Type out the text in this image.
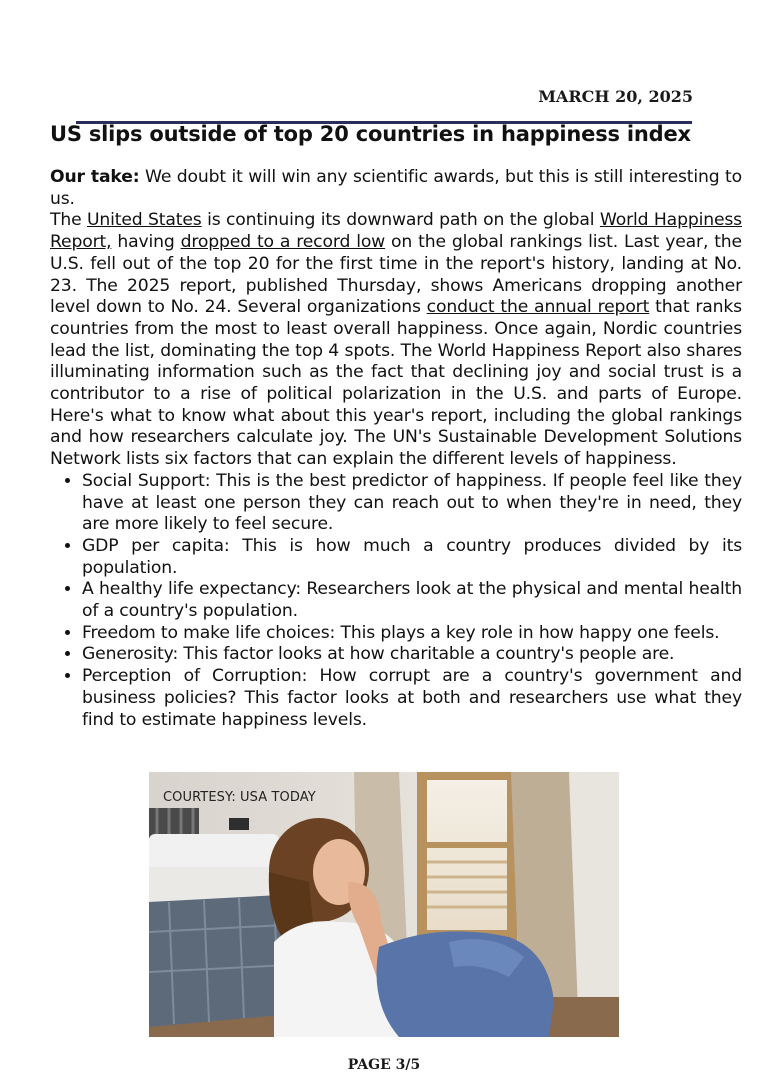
MARCH 20, 2025
US slips outside of top 20 countries in happiness index

Our take: We doubt it will win any scientific awards, but this is still interesting to us.

The United States is continuing its downward path on the global World Happiness Report, having dropped to a record low on the global rankings list. Last year, the U.S. fell out of the top 20 for the first time in the report's history, landing at No. 23. The 2025 report, published Thursday, shows Americans dropping another level down to No. 24. Several organizations conduct the annual report that ranks countries from the most to least overall happiness. Once again, Nordic countries lead the list, dominating the top 4 spots. The World Happiness Report also shares illuminating information such as the fact that declining joy and social trust is a contributor to a rise of political polarization in the U.S. and parts of Europe. Here's what to know what about this year's report, including the global rankings and how researchers calculate joy. The UN's Sustainable Development Solutions Network lists six factors that can explain the different levels of happiness.

• Social Support: This is the best predictor of happiness. If people feel like they have at least one person they can reach out to when they're in need, they are more likely to feel secure.
• GDP per capita: This is how much a country produces divided by its population.
• A healthy life expectancy: Researchers look at the physical and mental health of a country's population.
• Freedom to make life choices: This plays a key role in how happy one feels.
• Generosity: This factor looks at how charitable a country's people are.
• Perception of Corruption: How corrupt are a country's government and business policies? This factor looks at both and researchers use what they find to estimate happiness levels.
COURTESY: USA TODAY
PAGE 3/5
